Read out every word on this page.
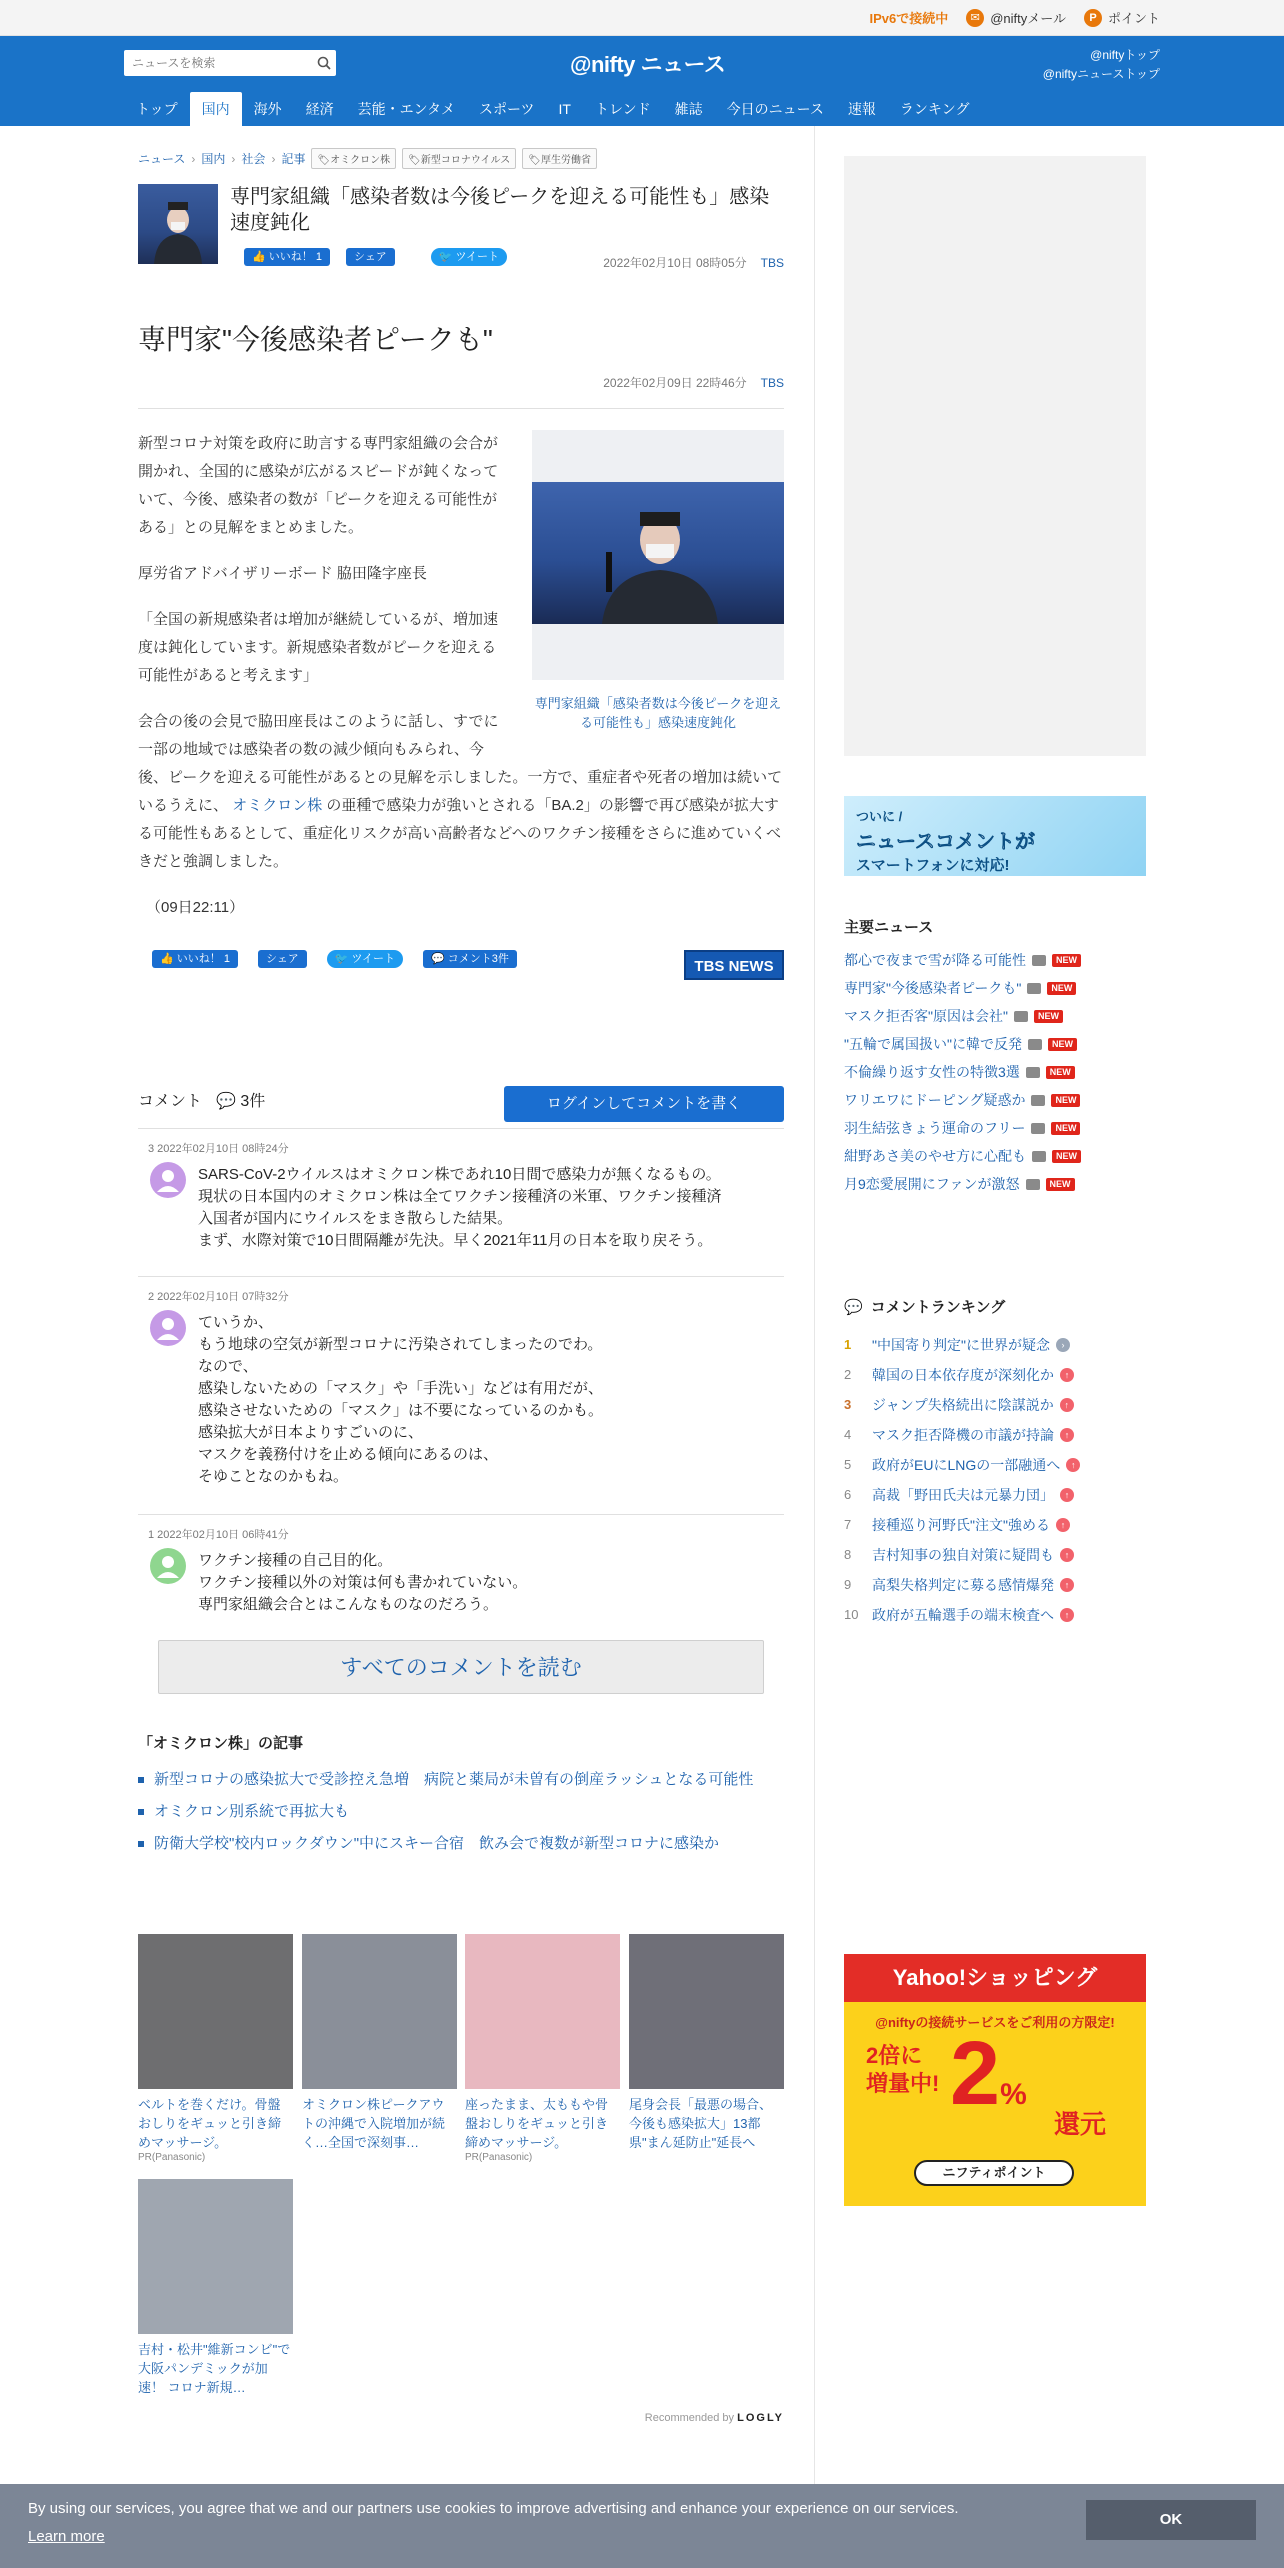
IPv6で接続中	✉ @niftyメール	P ポイント
ニュースを検索
@nifty ニュース	@niftyトップ
@niftyニューストップ
トップ	国内	海外	経済	芸能・エンタメ	スポーツ	IT	トレンド	雑誌	今日のニュース	速報	ランキング
ニュース › 国内 › 社会 › 記事	🏷オミクロン株	🏷新型コロナウイルス	🏷厚生労働省
専門家組織「感染者数は今後ピークを迎える可能性も」感染速度鈍化
👍 いいね！ 1	シェア	🐦 ツイート	2022年02月10日 08時05分 TBS
専門家"今後感染者ピークも"
2022年02月09日 22時46分 TBS
専門家組織「感染者数は今後ピークを迎える可能性も」感染速度鈍化

新型コロナ対策を政府に助言する専門家組織の会合が開かれ、全国的に感染が広がるスピードが鈍くなっていて、今後、感染者の数が「ピークを迎える可能性がある」との見解をまとめました。

厚労省アドバイザリーボード 脇田隆字座長

「全国の新規感染者は増加が継続しているが、増加速度は鈍化しています。新規感染者数がピークを迎える可能性があると考えます」

会合の後の会見で脇田座長はこのように話し、すでに一部の地域では感染者の数の減少傾向もみられ、今後、ピークを迎える可能性があるとの見解を示しました。一方で、重症者や死者の増加は続いているうえに、 オミクロン株 の亜種で感染力が強いとされる「BA.2」の影響で再び感染が拡大する可能性もあるとして、重症化リスクが高い高齢者などへのワクチン接種をさらに進めていくべきだと強調しました。

（09日22:11）

👍 いいね！ 1	シェア	🐦 ツイート	💬 コメント3件	TBS NEWS
コメント 💬 3件	ログインしてコメントを書く
3 2022年02月10日 08時24分
SARS-CoV-2ウイルスはオミクロン株であれ10日間で感染力が無くなるもの。
現状の日本国内のオミクロン株は全てワクチン接種済の米軍、ワクチン接種済
入国者が国内にウイルスをまき散らした結果。
まず、水際対策で10日間隔離が先決。早く2021年11月の日本を取り戻そう。
2 2022年02月10日 07時32分
ていうか、
もう地球の空気が新型コロナに汚染されてしまったのでわ。
なので、
感染しないための「マスク」や「手洗い」などは有用だが、
感染させないための「マスク」は不要になっているのかも。
感染拡大が日本よりすごいのに、
マスクを義務付けを止める傾向にあるのは、
そゆことなのかもね。
1 2022年02月10日 06時41分
ワクチン接種の自己目的化。
ワクチン接種以外の対策は何も書かれていない。
専門家組織会合とはこんなものなのだろう。
すべてのコメントを読む
「オミクロン株」の記事
新型コロナの感染拡大で受診控え急増　病院と薬局が未曽有の倒産ラッシュとなる可能性
オミクロン別系統で再拡大も
防衛大学校"校内ロックダウン"中にスキー合宿　飲み会で複数が新型コロナに感染か
ベルトを巻くだけ。骨盤おしりをギュッと引き締めマッサージ。
PR(Panasonic)
オミクロン株ピークアウトの沖縄で入院増加が続く…全国で深刻事…
座ったまま、太ももや骨盤おしりをギュッと引き締めマッサージ。
PR(Panasonic)
尾身会長「最悪の場合、今後も感染拡大」13都県"まん延防止"延長へ
吉村・松井"維新コンビ"で大阪パンデミックが加速！ コロナ新規…
Recommended by LOGLY
ついに /
ニュースコメントが
スマートフォンに対応!
主要ニュース
都心で夜まで雪が降る可能性	NEW
専門家"今後感染者ピークも"	NEW
マスク拒否客"原因は会社"	NEW
"五輪で属国扱い"に韓で反発	NEW
不倫繰り返す女性の特徴3選	NEW
ワリエワにドーピング疑惑か	NEW
羽生結弦きょう運命のフリー	NEW
紺野あさ美のやせ方に心配も	NEW
月9恋愛展開にファンが激怒	NEW
💬 コメントランキング
1	"中国寄り判定"に世界が疑念	›
2	韓国の日本依存度が深刻化か	↑
3	ジャンプ失格続出に陰謀説か	↑
4	マスク拒否降機の市議が持論	↑
5	政府がEUにLNGの一部融通へ	↑
6	高裁「野田氏夫は元暴力団」	↑
7	接種巡り河野氏"注文"強める	↑
8	吉村知事の独自対策に疑問も	↑
9	高梨失格判定に募る感情爆発	↑
10 政府が五輪選手の端末検査へ	↑
Yahoo!ショッピング
@niftyの接続サービスをご利用の方限定!
2倍に
増量中! 2%
還元
ニフティポイント
By using our services, you agree that we and our partners use cookies to improve advertising and enhance your experience on our services.
Learn more
OK
